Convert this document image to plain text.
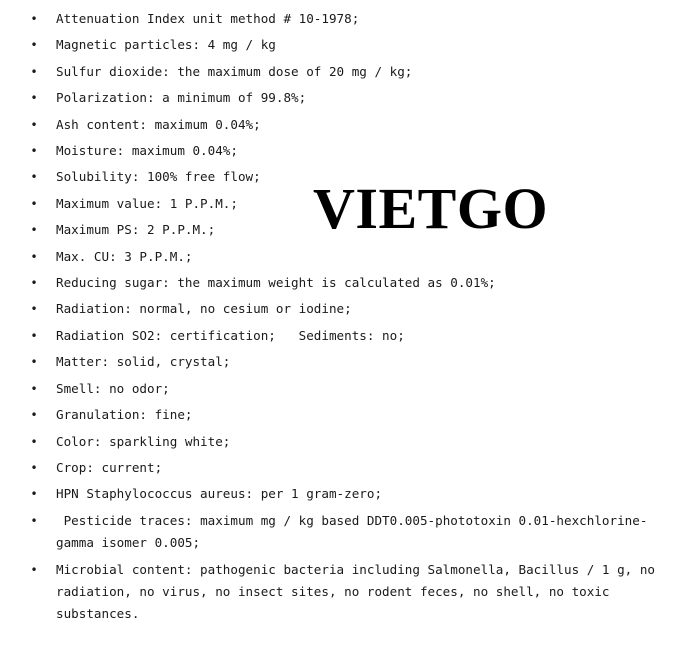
• Attenuation Index unit method # 10-1978;
• Magnetic particles: 4 mg / kg
• Sulfur dioxide: the maximum dose of 20 mg / kg;
• Polarization: a minimum of 99.8%;
• Ash content: maximum 0.04%;
• Moisture: maximum 0.04%;
• Solubility: 100% free flow;
• Maximum value: 1 P.P.M.;
• Maximum PS: 2 P.P.M.;
• Max. CU: 3 P.P.M.;
• Reducing sugar: the maximum weight is calculated as 0.01%;
• Radiation: normal, no cesium or iodine;
• Radiation SO2: certification;   Sediments: no;
• Matter: solid, crystal;
• Smell: no odor;
• Granulation: fine;
• Color: sparkling white;
• Crop: current;
• HPN Staphylococcus aureus: per 1 gram-zero;
• Pesticide traces: maximum mg / kg based DDT0.005-phototoxin 0.01-hexchlorine-gamma isomer 0.005;
• Microbial content: pathogenic bacteria including Salmonella, Bacillus / 1 g, no radiation, no virus, no insect sites, no rodent feces, no shell, no toxic substances.
VIETGO
